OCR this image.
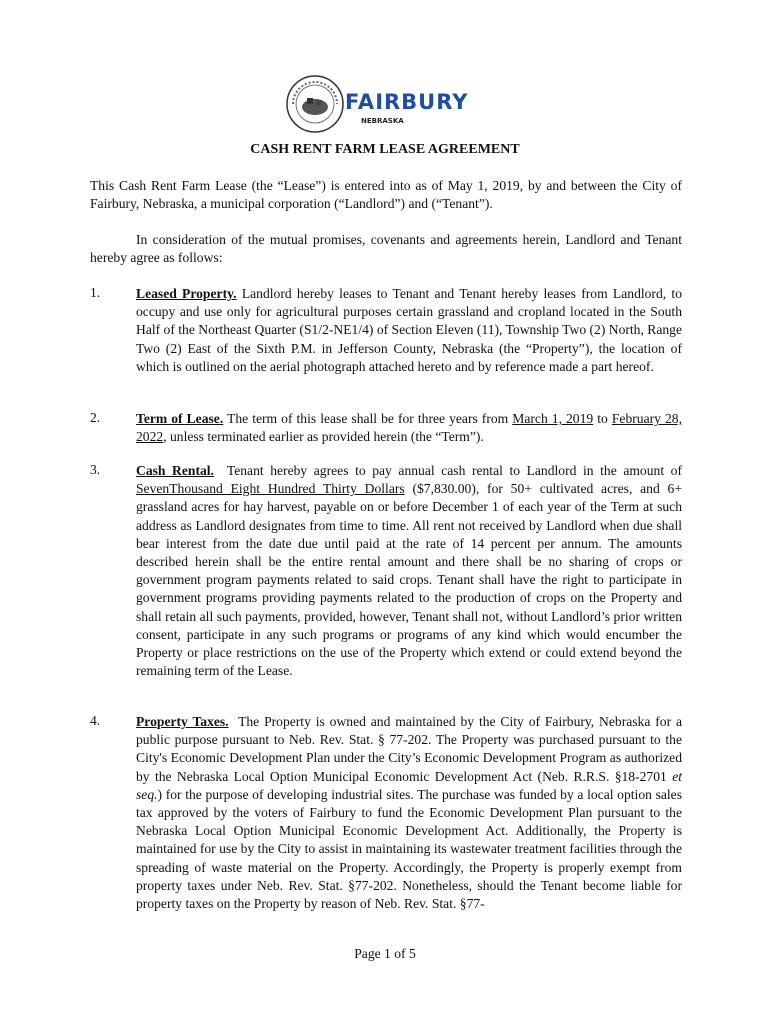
FAIRBURY
NEBRASKA
CASH RENT FARM LEASE AGREEMENT

This Cash Rent Farm Lease (the “Lease”) is entered into as of May 1, 2019, by and between the City of Fairbury, Nebraska, a municipal corporation (“Landlord”) and (“Tenant”).

In consideration of the mutual promises, covenants and agreements herein, Landlord and Tenant hereby agree as follows:

1.	Leased Property. Landlord hereby leases to Tenant and Tenant hereby leases from Landlord, to occupy and use only for agricultural purposes certain grassland and cropland located in the South Half of the Northeast Quarter (S1/2-NE1/4) of Section Eleven (11), Township Two (2) North, Range Two (2) East of the Sixth P.M. in Jefferson County, Nebraska (the “Property”), the location of which is outlined on the aerial photograph attached hereto and by reference made a part hereof.

2.	Term of Lease. The term of this lease shall be for three years from March 1, 2019 to February 28, 2022, unless terminated earlier as provided herein (the “Term”).

3.	Cash Rental. Tenant hereby agrees to pay annual cash rental to Landlord in the amount of SevenThousand Eight Hundred Thirty Dollars ($7,830.00), for 50+ cultivated acres, and 6+ grassland acres for hay harvest, payable on or before December 1 of each year of the Term at such address as Landlord designates from time to time. All rent not received by Landlord when due shall bear interest from the date due until paid at the rate of 14 percent per annum. The amounts described herein shall be the entire rental amount and there shall be no sharing of crops or government program payments related to said crops. Tenant shall have the right to participate in government programs providing payments related to the production of crops on the Property and shall retain all such payments, provided, however, Tenant shall not, without Landlord’s prior written consent, participate in any such programs or programs of any kind which would encumber the Property or place restrictions on the use of the Property which extend or could extend beyond the remaining term of the Lease.

4.	Property Taxes. The Property is owned and maintained by the City of Fairbury, Nebraska for a public purpose pursuant to Neb. Rev. Stat. § 77-202. The Property was purchased pursuant to the City's Economic Development Plan under the City’s Economic Development Program as authorized by the Nebraska Local Option Municipal Economic Development Act (Neb. R.R.S. §18-2701 et seq.) for the purpose of developing industrial sites. The purchase was funded by a local option sales tax approved by the voters of Fairbury to fund the Economic Development Plan pursuant to the Nebraska Local Option Municipal Economic Development Act. Additionally, the Property is maintained for use by the City to assist in maintaining its wastewater treatment facilities through the spreading of waste material on the Property. Accordingly, the Property is properly exempt from property taxes under Neb. Rev. Stat. §77-202. Nonetheless, should the Tenant become liable for property taxes on the Property by reason of Neb. Rev. Stat. §77-

Page 1 of 5
